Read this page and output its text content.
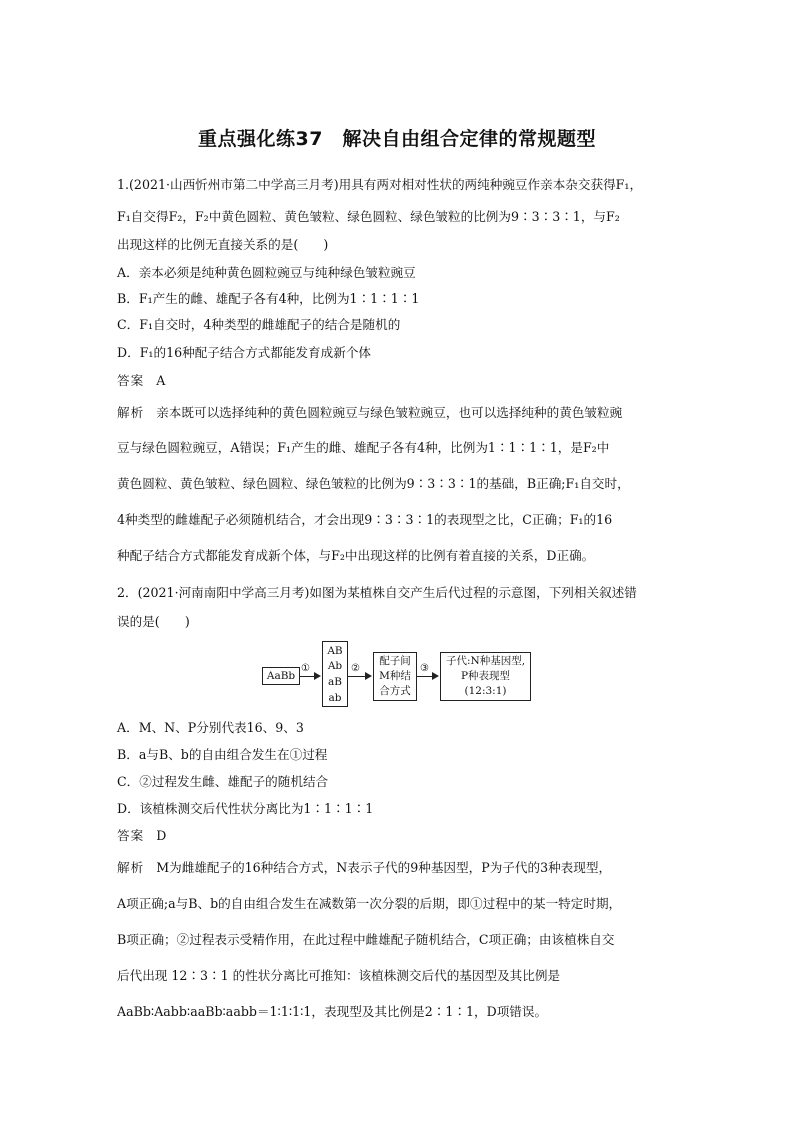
重点强化练37　解决自由组合定律的常规题型
1.(2021·山西忻州市第二中学高三月考)用具有两对相对性状的两纯种豌豆作亲本杂交获得F₁，
F₁自交得F₂，F₂中黄色圆粒、黄色皱粒、绿色圆粒、绿色皱粒的比例为9∶3∶3∶1，与F₂
出现这样的比例无直接关系的是(　　)
A．亲本必须是纯种黄色圆粒豌豆与纯种绿色皱粒豌豆
B．F₁产生的雌、雄配子各有4种，比例为1∶1∶1∶1
C．F₁自交时，4种类型的雌雄配子的结合是随机的
D．F₁的16种配子结合方式都能发育成新个体
答案 A
解析 亲本既可以选择纯种的黄色圆粒豌豆与绿色皱粒豌豆，也可以选择纯种的黄色皱粒豌
豆与绿色圆粒豌豆，A错误；F₁产生的雌、雄配子各有4种，比例为1∶1∶1∶1，是F₂中
黄色圆粒、黄色皱粒、绿色圆粒、绿色皱粒的比例为9∶3∶3∶1的基础，B正确;F₁自交时，
4种类型的雌雄配子必须随机结合，才会出现9∶3∶3∶1的表现型之比，C正确；F₁的16
种配子结合方式都能发育成新个体，与F₂中出现这样的比例有着直接的关系，D正确。
2．(2021·河南南阳中学高三月考)如图为某植株自交产生后代过程的示意图，下列相关叙述错
误的是(　　)
AaBb
①
AB
Ab
aB
ab
②
配子间
M种结
合方式
③
子代:N种基因型,
P种表现型
(12:3:1)
A．M、N、P分别代表16、9、3
B．a与B、b的自由组合发生在①过程
C．②过程发生雌、雄配子的随机结合
D．该植株测交后代性状分离比为1∶1∶1∶1
答案 D
解析 M为雌雄配子的16种结合方式，N表示子代的9种基因型，P为子代的3种表现型，
A项正确;a与B、b的自由组合发生在减数第一次分裂的后期，即①过程中的某一特定时期，
B项正确；②过程表示受精作用，在此过程中雌雄配子随机结合，C项正确；由该植株自交
后代出现 12∶3∶1 的性状分离比可推知：该植株测交后代的基因型及其比例是
AaBb∶Aabb∶aaBb∶aabb＝1∶1∶1∶1，表现型及其比例是2∶1∶1，D项错误。
